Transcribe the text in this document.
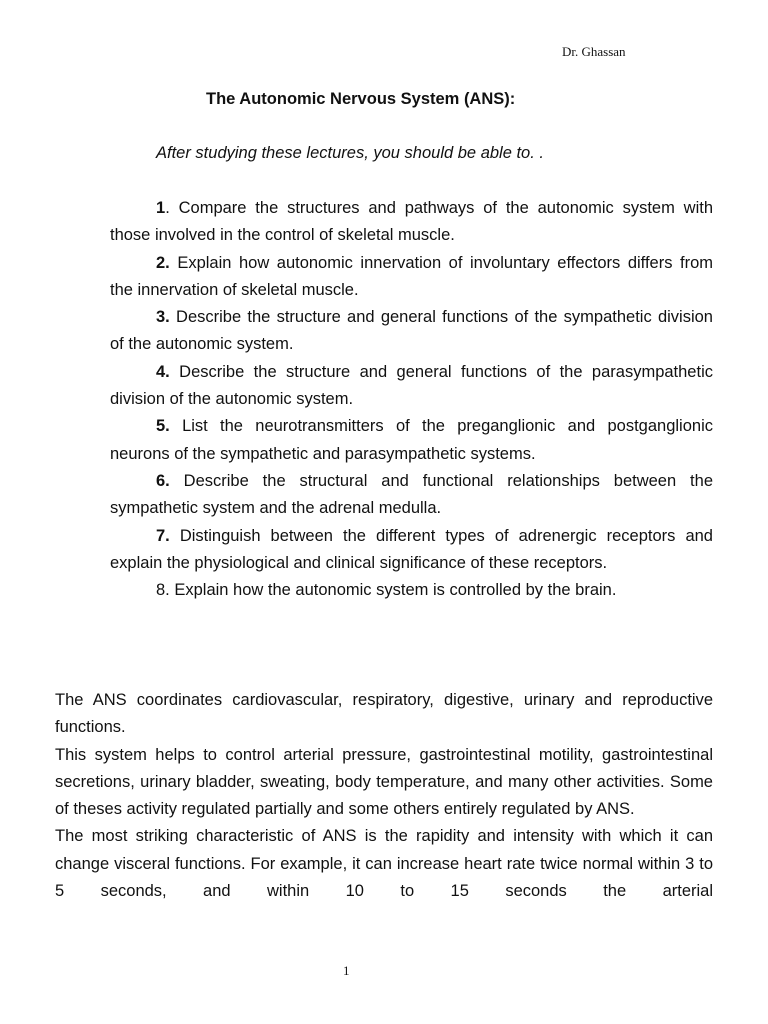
Dr. Ghassan
The Autonomic Nervous System (ANS):
After studying these lectures, you should be able to. .
1. Compare the structures and pathways of the autonomic system with those involved in the control of skeletal muscle.
2. Explain how autonomic innervation of involuntary effectors differs from the innervation of skeletal muscle.
3. Describe the structure and general functions of the sympathetic division of the autonomic system.
4. Describe the structure and general functions of the parasympathetic division of the autonomic system.
5. List the neurotransmitters of the preganglionic and postganglionic neurons of the sympathetic and parasympathetic systems.
6. Describe the structural and functional relationships between the sympathetic system and the adrenal medulla.
7. Distinguish between the different types of adrenergic receptors and explain the physiological and clinical significance of these receptors.
8. Explain how the autonomic system is controlled by the brain.

The ANS coordinates cardiovascular, respiratory, digestive, urinary and reproductive functions.

This system helps to control arterial pressure, gastrointestinal motility, gastrointestinal secretions, urinary bladder, sweating, body temperature, and many other activities. Some of theses activity regulated partially and some others entirely regulated by ANS.

The most striking characteristic of ANS is the rapidity and intensity with which it can change visceral functions. For example, it can increase heart rate twice normal within 3 to 5 seconds, and within 10 to 15 seconds the arterial

1
